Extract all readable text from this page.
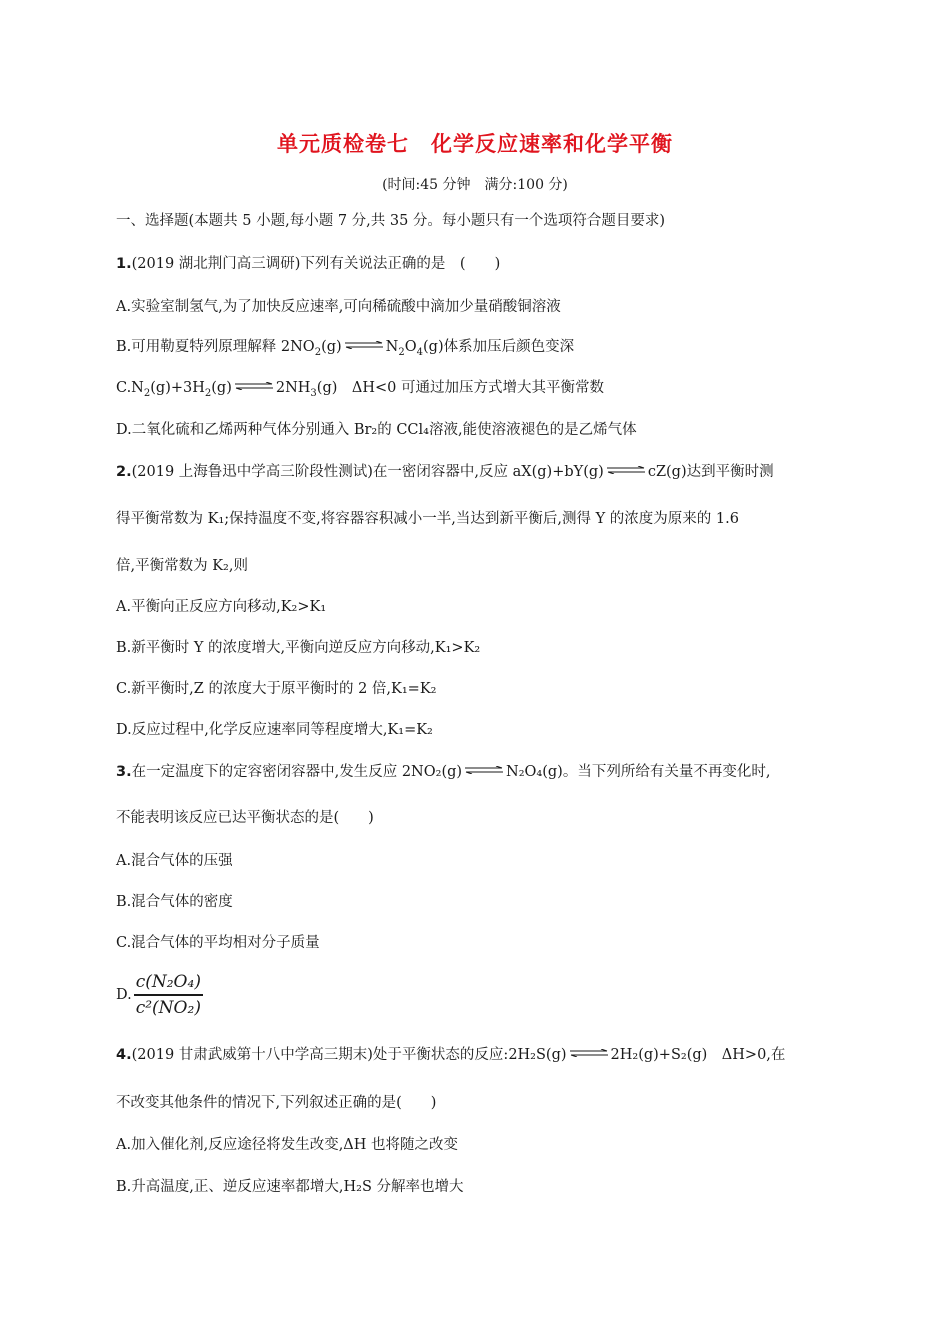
单元质检卷七　化学反应速率和化学平衡
(时间:45 分钟　满分:100 分)
一、选择题(本题共 5 小题,每小题 7 分,共 35 分。每小题只有一个选项符合题目要求)
1.(2019 湖北荆门高三调研)下列有关说法正确的是　(　　)
A.实验室制氢气,为了加快反应速率,可向稀硫酸中滴加少量硝酸铜溶液
B.可用勒夏特列原理解释 $2NO_2(g)$ ⇌ $N_2O_4(g)$体系加压后颜色变深
$C.N_2(g)+3H_2(g)$ ⇌ $2NH_3(g)$　ΔH<0 可通过加压方式增大其平衡常数
D.二氧化硫和乙烯两种气体分别通入 Br₂的 CCl₄溶液,能使溶液褪色的是乙烯气体
2.(2019 上海鲁迅中学高三阶段性测试)在一密闭容器中,反应 aX(g)+bY(g) ⇌ cZ(g)达到平衡时测
得平衡常数为 K₁;保持温度不变,将容器容积减小一半,当达到新平衡后,测得 Y 的浓度为原来的 1.6
倍,平衡常数为 K₂,则
A.平衡向正反应方向移动,K₂>K₁
B.新平衡时 Y 的浓度增大,平衡向逆反应方向移动,K₁>K₂
C.新平衡时,Z 的浓度大于原平衡时的 2 倍,K₁=K₂
D.反应过程中,化学反应速率同等程度增大,K₁=K₂
3.在一定温度下的定容密闭容器中,发生反应 2NO₂(g) ⇌ N₂O₄(g)。当下列所给有关量不再变化时,
不能表明该反应已达平衡状态的是(　　)
A.混合气体的压强
B.混合气体的密度
C.混合气体的平均相对分子质量
D. $\frac{\text{c(N₂O₄)}}{\text{c²(NO₂)}}$
4.(2019 甘肃武威第十八中学高三期末)处于平衡状态的反应:2H₂S(g) ⇌ 2H₂(g)+S₂(g)　ΔH>0,在
不改变其他条件的情况下,下列叙述正确的是(　　)
A.加入催化剂,反应途径将发生改变,ΔH 也将随之改变
B.升高温度,正、逆反应速率都增大,H₂S 分解率也增大
